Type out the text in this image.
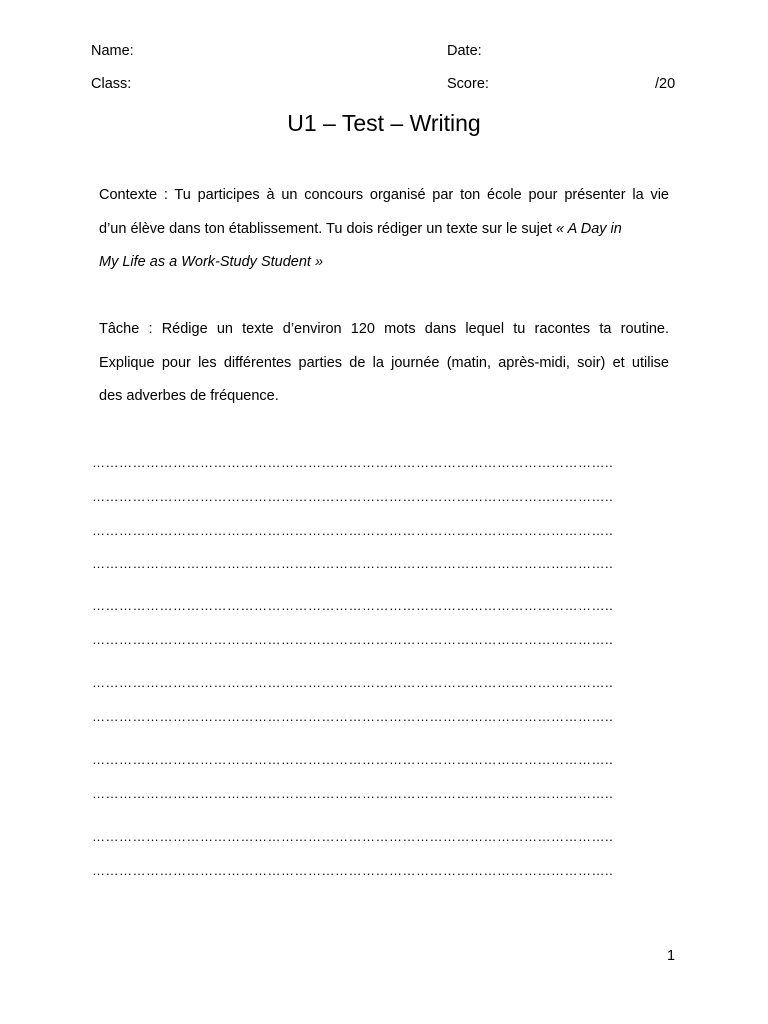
Name:	Date:
Class:	Score:	/20
U1 – Test – Writing
Contexte : Tu participes à un concours organisé par ton école pour présenter la vie
d’un élève dans ton établissement. Tu dois rédiger un texte sur le sujet « A Day in
My Life as a Work-Study Student »
Tâche : Rédige un texte d’environ 120 mots dans lequel tu racontes ta routine.
Explique pour les différentes parties de la journée (matin, après-midi, soir) et utilise
des adverbes de fréquence.
……………………………………………………………………………………………………..
……………………………………………………………………………………………………..
……………………………………………………………………………………………………..
……………………………………………………………………………………………………..
……………………………………………………………………………………………………..
……………………………………………………………………………………………………..
……………………………………………………………………………………………………..
……………………………………………………………………………………………………..
……………………………………………………………………………………………………..
……………………………………………………………………………………………………..
……………………………………………………………………………………………………..
……………………………………………………………………………………………………..
1
